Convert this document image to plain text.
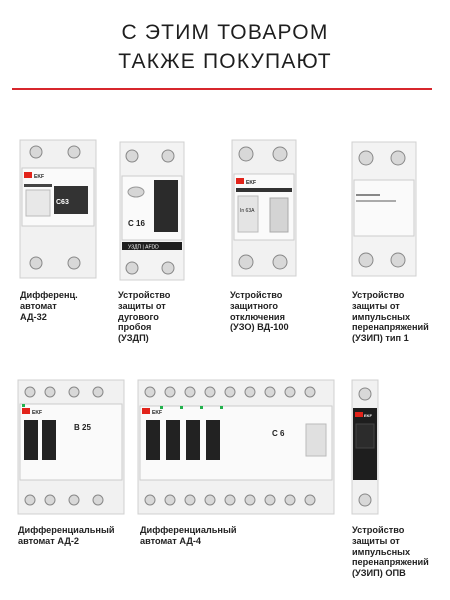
С ЭТИМ ТОВАРОМ
ТАКЖЕ ПОКУПАЮТ
EKF
C63
Дифференц.
автомат
АД-32
C 16
УЗДП | AFDD
Устройство
защиты от
дугового
пробоя
(УЗДП)
EKF
In 63A
Устройство
защитного
отключения
(УЗО) ВД-100
Устройство
защиты от
импульсных
перенапряжений
(УЗИП) тип 1
EKF
B 25
Дифференциальный
автомат АД-2
EKF
C 6
Дифференциальный
автомат АД-4
EKF
Устройство
защиты от
импульсных
перенапряжений
(УЗИП) ОПВ
